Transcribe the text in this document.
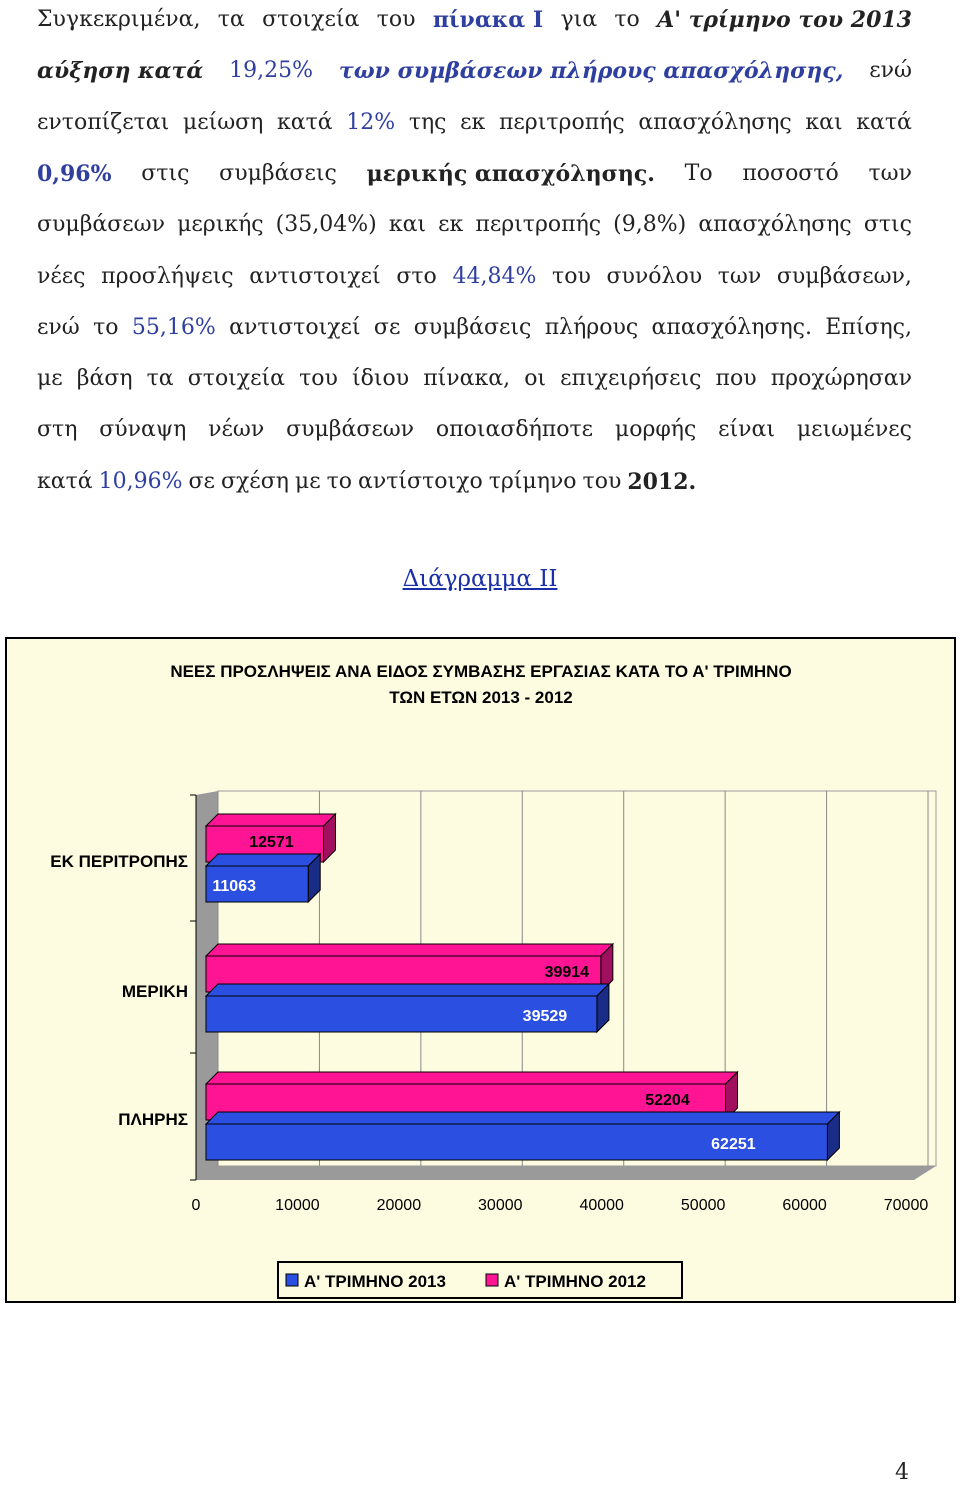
Συγκεκριμένα, τα στοιχεία του πίνακα Ι για το Α' τρίμηνο του 2013
αύξηση κατά 19,25% των συμβάσεων πλήρους απασχόλησης, ενώ
εντοπίζεται μείωση κατά 12% της εκ περιτροπής απασχόλησης και κατά
0,96% στις συμβάσεις μερικής απασχόλησης. Το ποσοστό των
συμβάσεων μερικής (35,04%) και εκ περιτροπής (9,8%) απασχόλησης στις
νέες προσλήψεις αντιστοιχεί στο 44,84% του συνόλου των συμβάσεων,
ενώ το 55,16% αντιστοιχεί σε συμβάσεις πλήρους απασχόλησης. Επίσης,
με βάση τα στοιχεία του ίδιου πίνακα, οι επιχειρήσεις που προχώρησαν
στη σύναψη νέων συμβάσεων οποιασδήποτε μορφής είναι μειωμένες
κατά 10,96% σε σχέση με το αντίστοιχο τρίμηνο του 2012.
Διάγραμμα ΙΙ
ΝΕΕΣ ΠΡΟΣΛΗΨΕΙΣ ΑΝΑ ΕΙΔΟΣ ΣΥΜΒΑΣΗΣ ΕΡΓΑΣΙΑΣ ΚΑΤΑ ΤΟ Α' ΤΡΙΜΗΝΟ
ΤΩΝ ΕΤΩΝ 2013 - 2012
12571
11063
ΕΚ ΠΕΡΙΤΡΟΠΗΣ
39914
39529
ΜΕΡΙΚΗ
52204
62251
ΠΛΗΡΗΣ
0	10000	20000	30000	40000	50000	60000	70000
Α' ΤΡΙΜΗΝΟ 2013	Α' ΤΡΙΜΗΝΟ 2012
4
